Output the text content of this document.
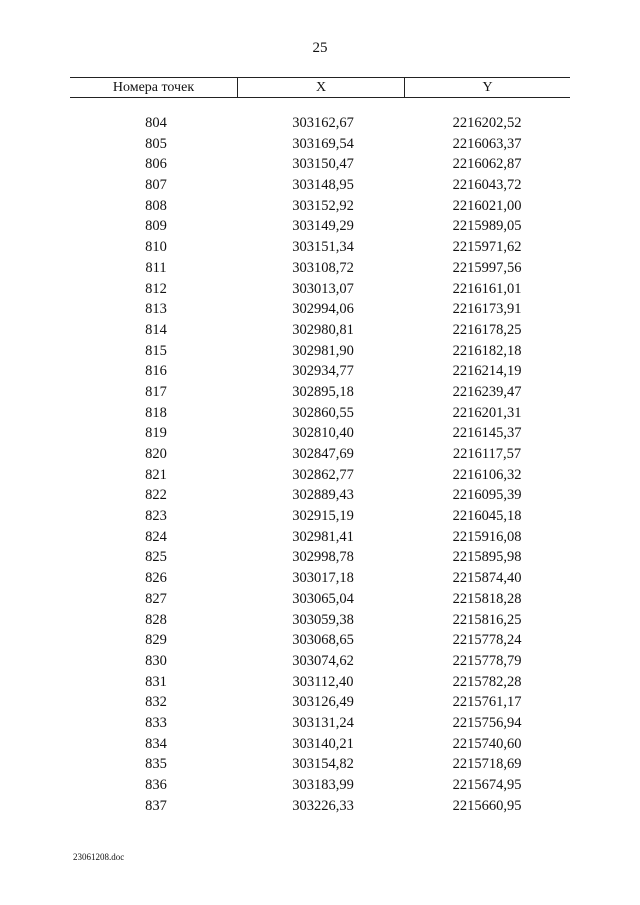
25
Номера точек	X	Y
804	303162,67	2216202,52
805	303169,54	2216063,37
806	303150,47	2216062,87
807	303148,95	2216043,72
808	303152,92	2216021,00
809	303149,29	2215989,05
810	303151,34	2215971,62
811	303108,72	2215997,56
812	303013,07	2216161,01
813	302994,06	2216173,91
814	302980,81	2216178,25
815	302981,90	2216182,18
816	302934,77	2216214,19
817	302895,18	2216239,47
818	302860,55	2216201,31
819	302810,40	2216145,37
820	302847,69	2216117,57
821	302862,77	2216106,32
822	302889,43	2216095,39
823	302915,19	2216045,18
824	302981,41	2215916,08
825	302998,78	2215895,98
826	303017,18	2215874,40
827	303065,04	2215818,28
828	303059,38	2215816,25
829	303068,65	2215778,24
830	303074,62	2215778,79
831	303112,40	2215782,28
832	303126,49	2215761,17
833	303131,24	2215756,94
834	303140,21	2215740,60
835	303154,82	2215718,69
836	303183,99	2215674,95
837	303226,33	2215660,95
23061208.doc
